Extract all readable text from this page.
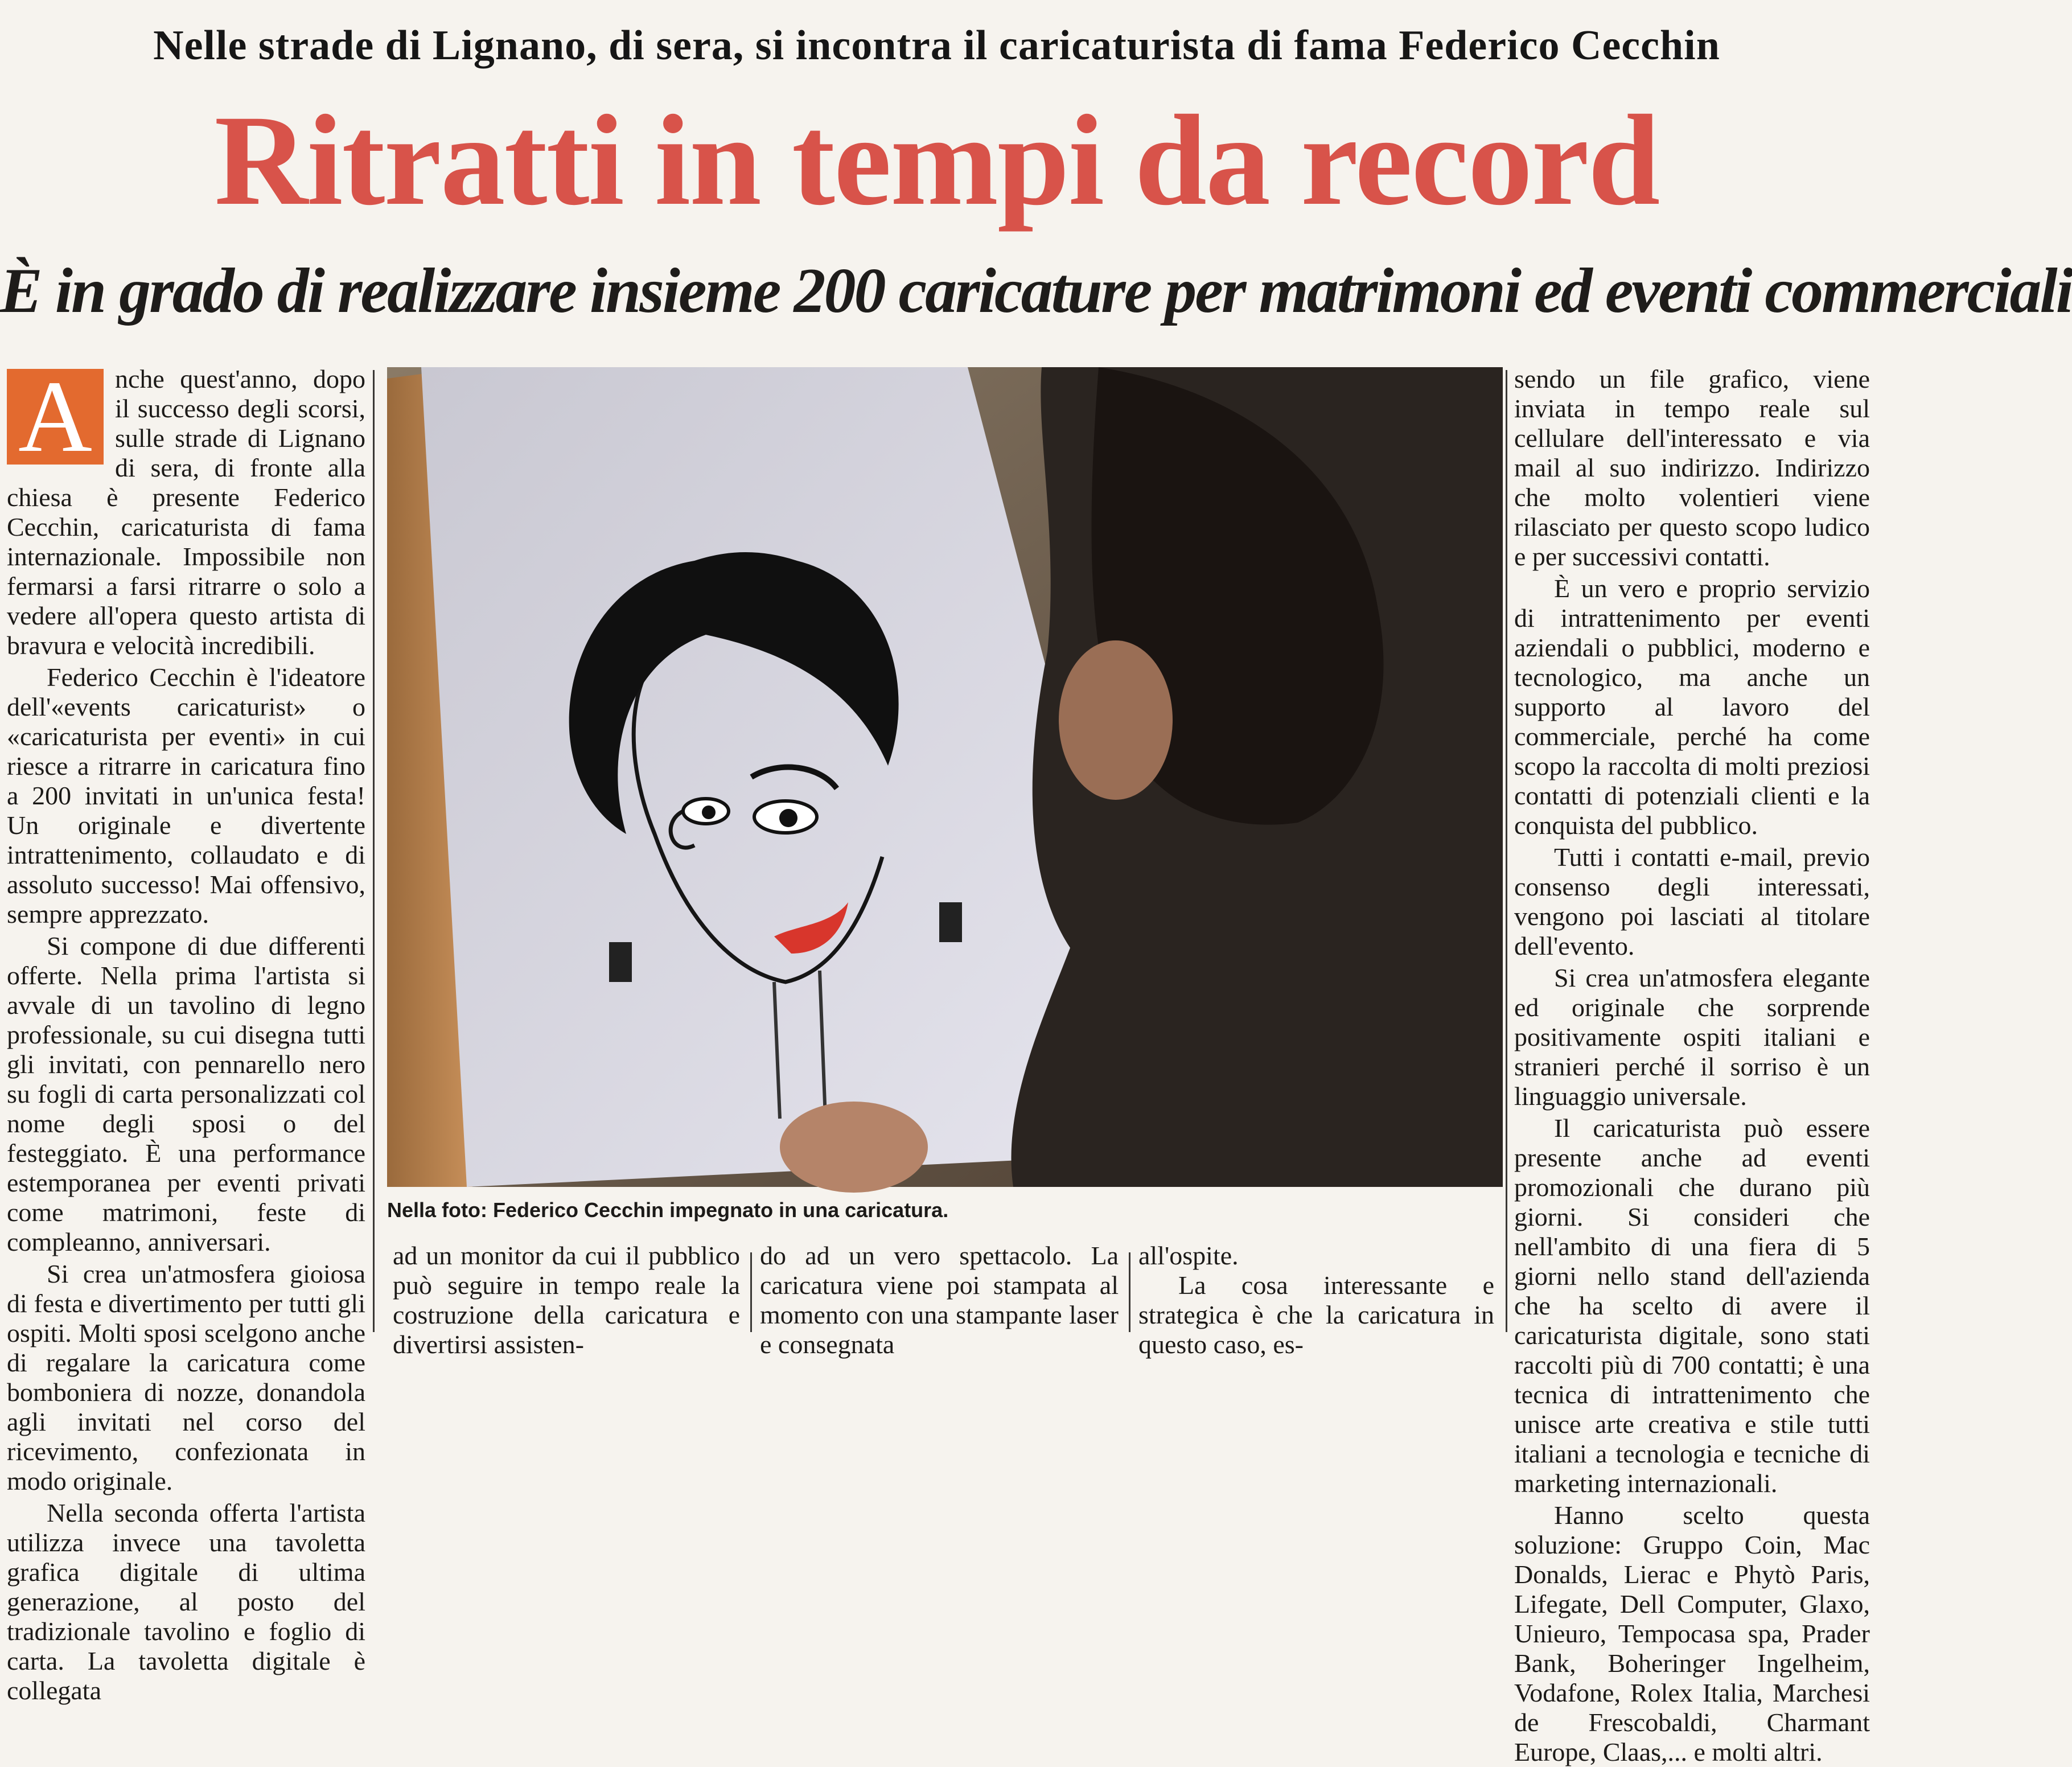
Nelle strade di Lignano, di sera, si incontra il caricaturista di fama Federico Cecchin
Ritratti in tempi da record
È in grado di realizzare insieme 200 caricature per matrimoni ed eventi commerciali
A nche quest'anno, dopo il successo degli scorsi, sulle strade di Lignano di sera, di fronte alla chiesa è presente Federico Cecchin, caricaturista di fama internazionale. Impossibile non fermarsi a farsi ritrarre o solo a vedere all'opera questo artista di bravura e velocità incredibili.

Federico Cecchin è l'ideatore dell'«events caricaturist» o «caricaturista per eventi» in cui riesce a ritrarre in caricatura fino a 200 invitati in un'unica festa! Un originale e divertente intrattenimento, collaudato e di assoluto successo! Mai offensivo, sempre apprezzato.

Si compone di due differenti offerte. Nella prima l'artista si avvale di un tavolino di legno professionale, su cui disegna tutti gli invitati, con pennarello nero su fogli di carta personalizzati col nome degli sposi o del festeggiato. È una performance estemporanea per eventi privati come matrimoni, feste di compleanno, anniversari.

Si crea un'atmosfera gioiosa di festa e divertimento per tutti gli ospiti. Molti sposi scelgono anche di regalare la caricatura come bomboniera di nozze, donandola agli invitati nel corso del ricevimento, confezionata in modo originale.

Nella seconda offerta l'artista utilizza invece una tavoletta grafica digitale di ultima generazione, al posto del tradizionale tavolino e foglio di carta. La tavoletta digitale è collegata

Nella foto: Federico Cecchin impegnato in una caricatura.

ad un monitor da cui il pubblico può seguire in tempo reale la costruzione della caricatura e divertirsi assisten-

do ad un vero spettacolo. La caricatura viene poi stampata al momento con una stampante laser e consegnata

all'ospite.

La cosa interessante e strategica è che la caricatura in questo caso, es-

sendo un file grafico, viene inviata in tempo reale sul cellulare dell'interessato e via mail al suo indirizzo. Indirizzo che molto volentieri viene rilasciato per questo scopo ludico e per successivi contatti.

È un vero e proprio servizio di intrattenimento per eventi aziendali o pubblici, moderno e tecnologico, ma anche un supporto al lavoro del commerciale, perché ha come scopo la raccolta di molti preziosi contatti di potenziali clienti e la conquista del pubblico.

Tutti i contatti e-mail, previo consenso degli interessati, vengono poi lasciati al titolare dell'evento.

Si crea un'atmosfera elegante ed originale che sorprende positivamente ospiti italiani e stranieri perché il sorriso è un linguaggio universale.

Il caricaturista può essere presente anche ad eventi promozionali che durano più giorni. Si consideri che nell'ambito di una fiera di 5 giorni nello stand dell'azienda che ha scelto di avere il caricaturista digitale, sono stati raccolti più di 700 contatti; è una tecnica di intrattenimento che unisce arte creativa e stile tutti italiani a tecnologia e tecniche di marketing internazionali.

Hanno scelto questa soluzione: Gruppo Coin, Mac Donalds, Lierac e Phytò Paris, Lifegate, Dell Computer, Glaxo, Unieuro, Tempocasa spa, Prader Bank, Boheringer Ingelheim, Vodafone, Rolex Italia, Marchesi de Frescobaldi, Charmant Europe, Claas,... e molti altri.
